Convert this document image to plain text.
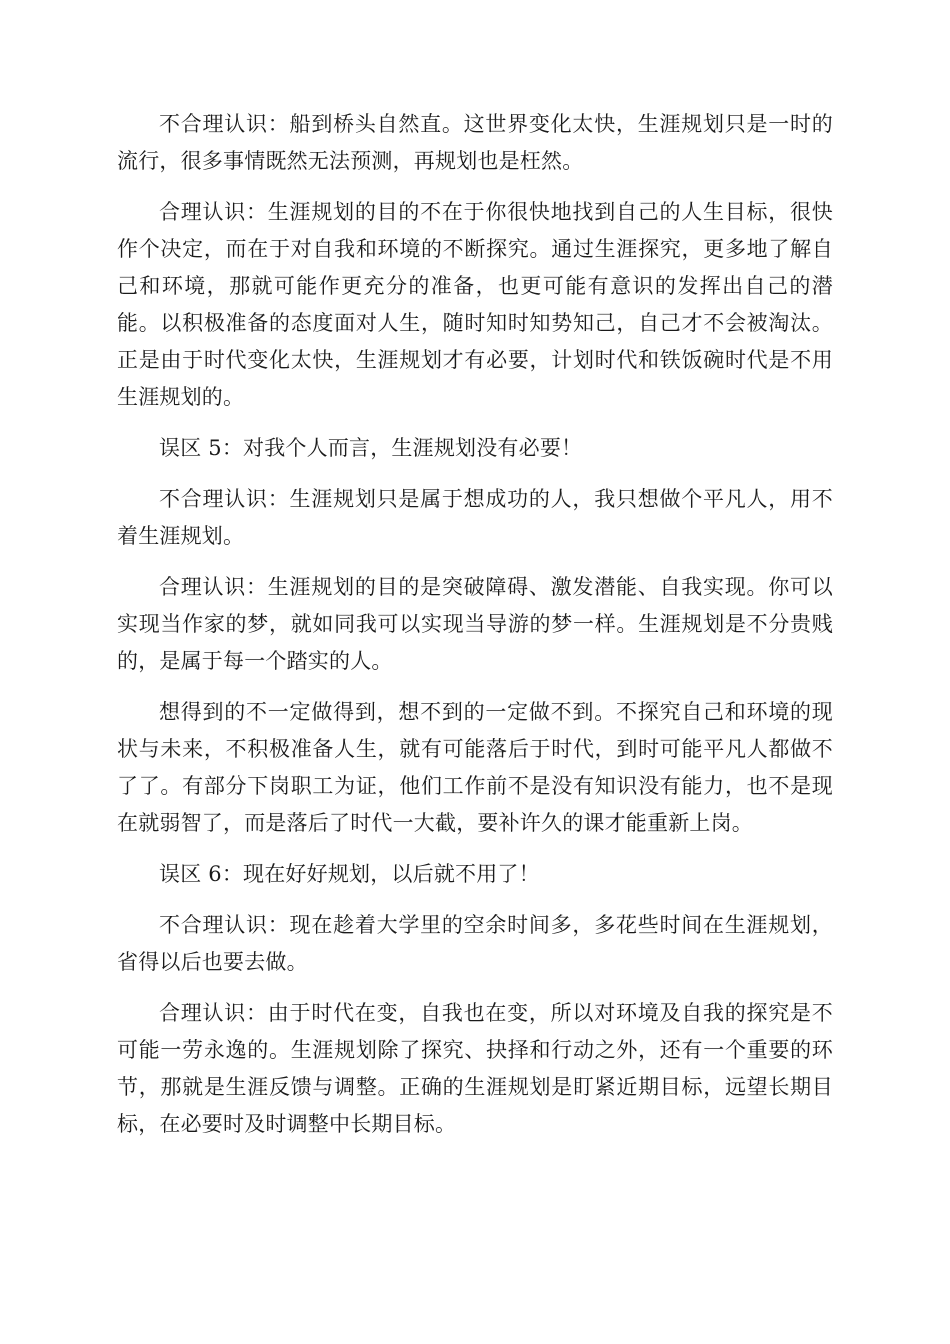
不合理认识：船到桥头自然直。这世界变化太快，生涯规划只是一时的流行，很多事情既然无法预测，再规划也是枉然。

合理认识：生涯规划的目的不在于你很快地找到自己的人生目标，很快作个决定，而在于对自我和环境的不断探究。通过生涯探究，更多地了解自己和环境，那就可能作更充分的准备，也更可能有意识的发挥出自己的潜能。以积极准备的态度面对人生，随时知时知势知己，自己才不会被淘汰。正是由于时代变化太快，生涯规划才有必要，计划时代和铁饭碗时代是不用生涯规划的。

误区 5：对我个人而言，生涯规划没有必要！

不合理认识：生涯规划只是属于想成功的人，我只想做个平凡人，用不着生涯规划。

合理认识：生涯规划的目的是突破障碍、激发潜能、自我实现。你可以实现当作家的梦，就如同我可以实现当导游的梦一样。生涯规划是不分贵贱的，是属于每一个踏实的人。

想得到的不一定做得到，想不到的一定做不到。不探究自己和环境的现状与未来，不积极准备人生，就有可能落后于时代，到时可能平凡人都做不了了。有部分下岗职工为证，他们工作前不是没有知识没有能力，也不是现在就弱智了，而是落后了时代一大截，要补许久的课才能重新上岗。

误区 6：现在好好规划，以后就不用了！

不合理认识：现在趁着大学里的空余时间多，多花些时间在生涯规划，省得以后也要去做。

合理认识：由于时代在变，自我也在变，所以对环境及自我的探究是不可能一劳永逸的。生涯规划除了探究、抉择和行动之外，还有一个重要的环节，那就是生涯反馈与调整。正确的生涯规划是盯紧近期目标，远望长期目标，在必要时及时调整中长期目标。
